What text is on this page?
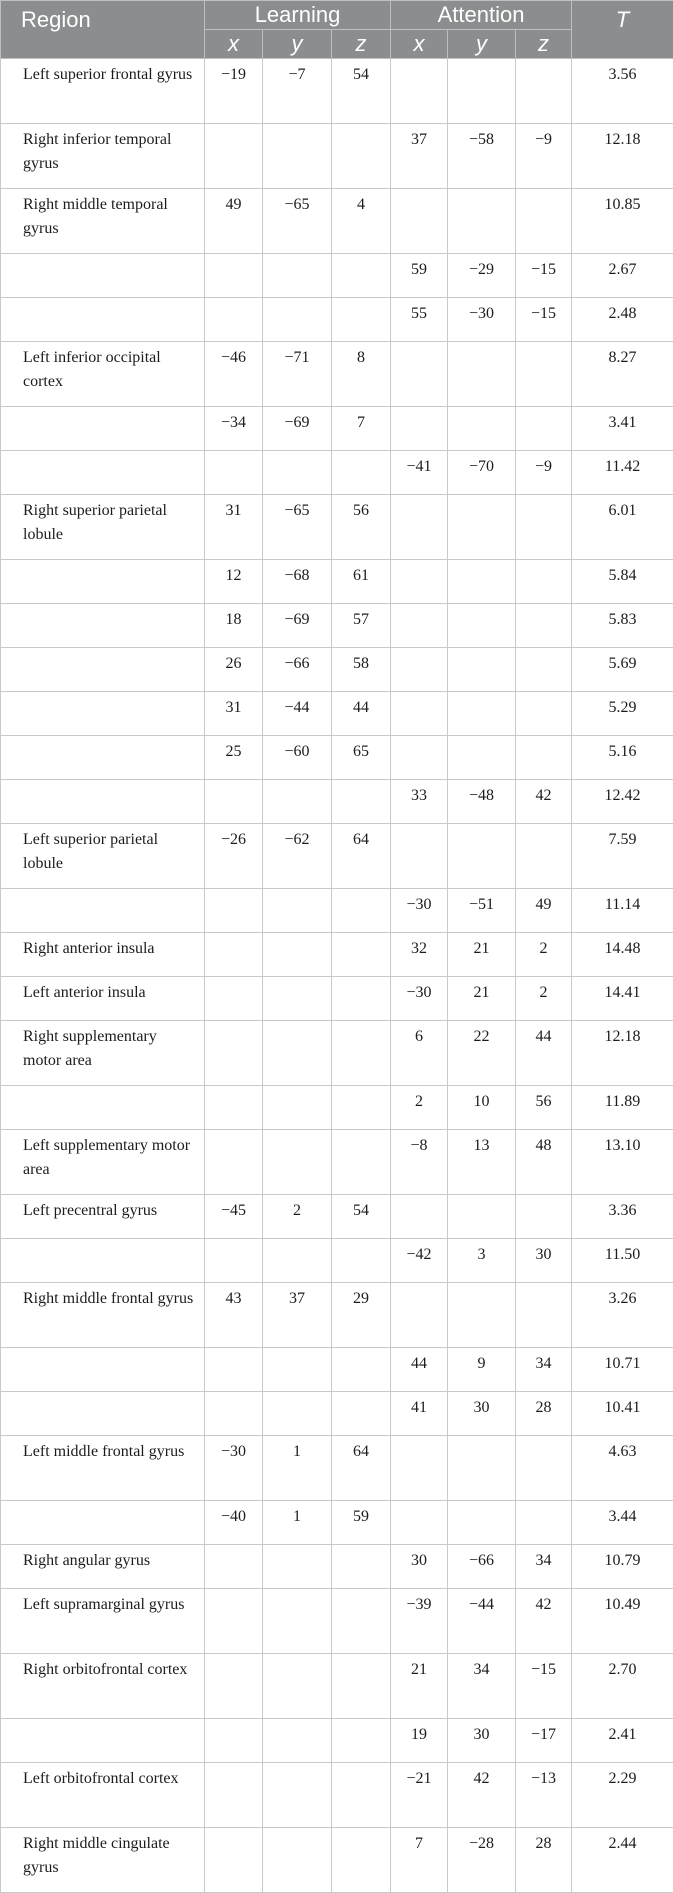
Region	Learning			Attention			T
	x	y	z	x	y	z	
Left superior frontal gyrus	−19	−7	54				3.56
Right inferior temporal gyrus				37	−58	−9	12.18
Right middle temporal gyrus	49	−65	4				10.85
				59	−29	−15	2.67
				55	−30	−15	2.48
Left inferior occipital cortex	−46	−71	8				8.27
	−34	−69	7				3.41
				−41	−70	−9	11.42
Right superior parietal lobule	31	−65	56				6.01
	12	−68	61				5.84
	18	−69	57				5.83
	26	−66	58				5.69
	31	−44	44				5.29
	25	−60	65				5.16
				33	−48	42	12.42
Left superior parietal lobule	−26	−62	64				7.59
				−30	−51	49	11.14
Right anterior insula				32	21	2	14.48
Left anterior insula				−30	21	2	14.41
Right supplementary motor area				6	22	44	12.18
				2	10	56	11.89
Left supplementary motor area				−8	13	48	13.10
Left precentral gyrus	−45	2	54				3.36
				−42	3	30	11.50
Right middle frontal gyrus	43	37	29				3.26
				44	9	34	10.71
				41	30	28	10.41
Left middle frontal gyrus	−30	1	64				4.63
	−40	1	59				3.44
Right angular gyrus				30	−66	34	10.79
Left supramarginal gyrus				−39	−44	42	10.49
Right orbitofrontal cortex				21	34	−15	2.70
				19	30	−17	2.41
Left orbitofrontal cortex				−21	42	−13	2.29
Right middle cingulate gyrus				7	−28	28	2.44
